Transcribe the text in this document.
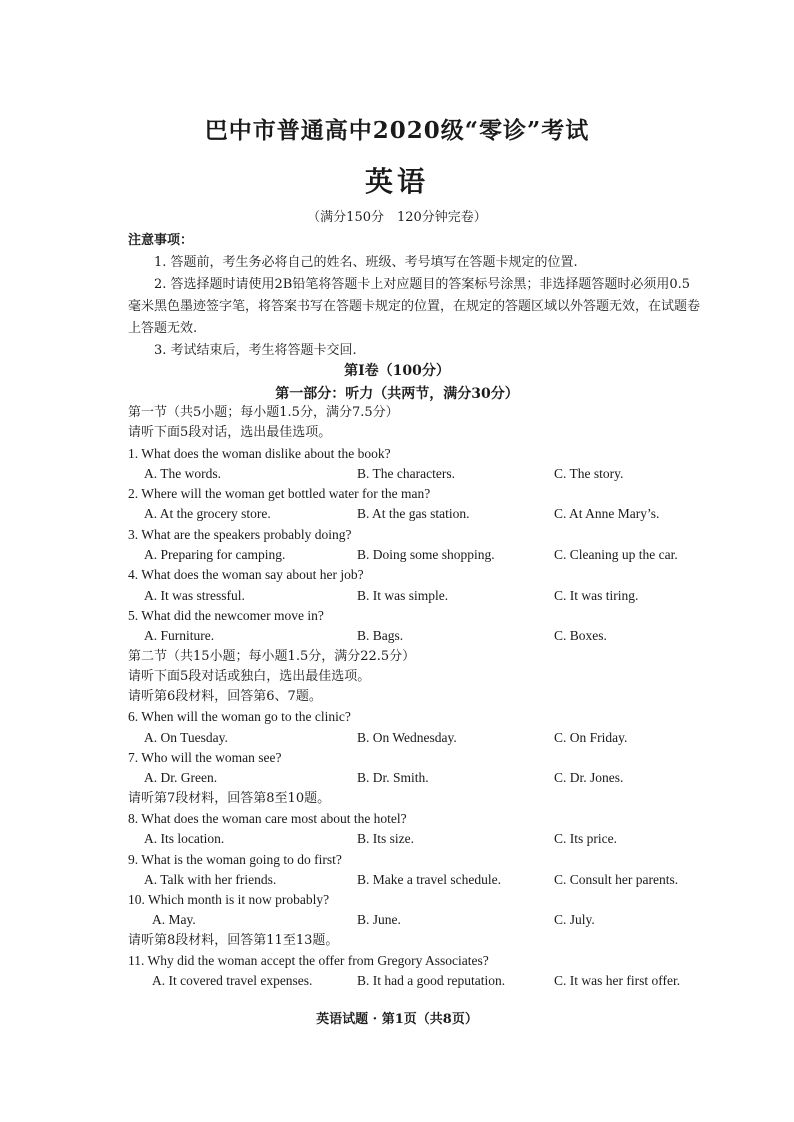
巴中市普通高中2020级“零诊”考试
英语
（满分150分　120分钟完卷）
注意事项：

1. 答题前，考生务必将自己的姓名、班级、考号填写在答题卡规定的位置.

2. 答选择题时请使用2B铅笔将答题卡上对应题目的答案标号涂黑；非选择题答题时必须用0.5毫米黑色墨迹签字笔，将答案书写在答题卡规定的位置，在规定的答题区域以外答题无效，在试题卷上答题无效.

3. 考试结束后，考生将答题卡交回.

第Ⅰ卷（100分）
第一部分：听力（共两节，满分30分）
第一节（共5小题；每小题1.5分，满分7.5分）
请听下面5段对话，选出最佳选项。
1. What does the woman dislike about the book?
A. The words.	B. The characters.	C. The story.
2. Where will the woman get bottled water for the man?
A. At the grocery store.	B. At the gas station.	C. At Anne Mary’s.
3. What are the speakers probably doing?
A. Preparing for camping.	B. Doing some shopping.	C. Cleaning up the car.
4. What does the woman say about her job?
A. It was stressful.	B. It was simple.	C. It was tiring.
5. What did the newcomer move in?
A. Furniture.	B. Bags.	C. Boxes.
第二节（共15小题；每小题1.5分，满分22.5分）
请听下面5段对话或独白，选出最佳选项。
请听第6段材料，回答第6、7题。
6. When will the woman go to the clinic?
A. On Tuesday.	B. On Wednesday.	C. On Friday.
7. Who will the woman see?
A. Dr. Green.	B. Dr. Smith.	C. Dr. Jones.
请听第7段材料，回答第8至10题。
8. What does the woman care most about the hotel?
A. Its location.	B. Its size.	C. Its price.
9. What is the woman going to do first?
A. Talk with her friends.	B. Make a travel schedule.	C. Consult her parents.
10. Which month is it now probably?
A. May.	B. June.	C. July.
请听第8段材料，回答第11至13题。
11. Why did the woman accept the offer from Gregory Associates?
A. It covered travel expenses.	B. It had a good reputation.	C. It was her first offer.
英语试题 · 第1页（共8页）
